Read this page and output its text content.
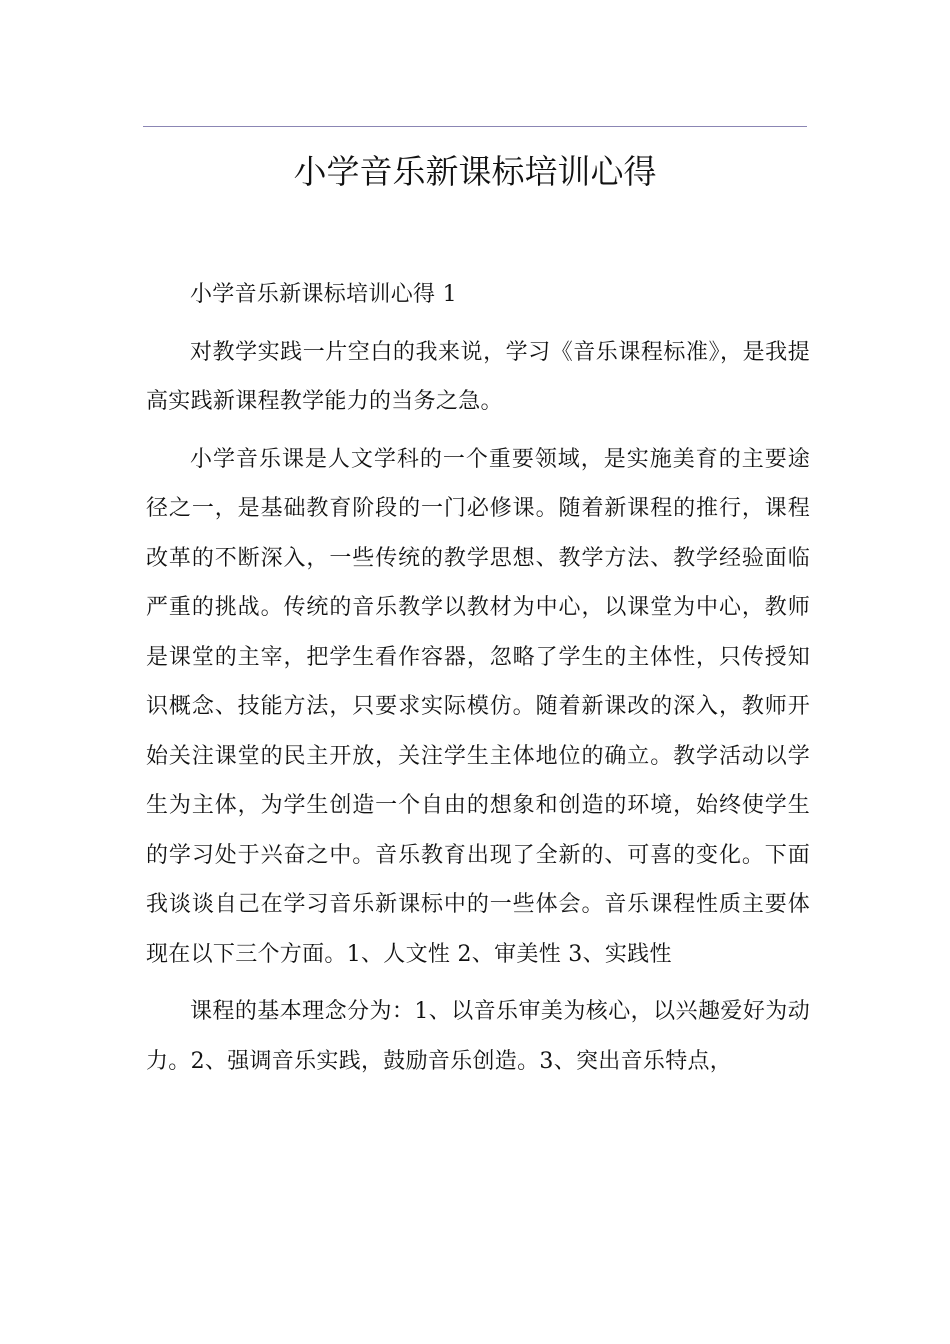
小学音乐新课标培训心得

小学音乐新课标培训心得 1

对教学实践一片空白的我来说，学习《音乐课程标准》，是我提高实践新课程教学能力的当务之急。

小学音乐课是人文学科的一个重要领域，是实施美育的主要途径之一，是基础教育阶段的一门必修课。随着新课程的推行，课程改革的不断深入，一些传统的教学思想、教学方法、教学经验面临严重的挑战。传统的音乐教学以教材为中心，以课堂为中心，教师是课堂的主宰，把学生看作容器，忽略了学生的主体性，只传授知识概念、技能方法，只要求实际模仿。随着新课改的深入，教师开始关注课堂的民主开放，关注学生主体地位的确立。教学活动以学生为主体，为学生创造一个自由的想象和创造的环境，始终使学生的学习处于兴奋之中。音乐教育出现了全新的、可喜的变化。下面我谈谈自己在学习音乐新课标中的一些体会。音乐课程性质主要体现在以下三个方面。1、人文性 2、审美性 3、实践性

课程的基本理念分为：1、以音乐审美为核心，以兴趣爱好为动力。2、强调音乐实践，鼓励音乐创造。3、突出音乐特点，
